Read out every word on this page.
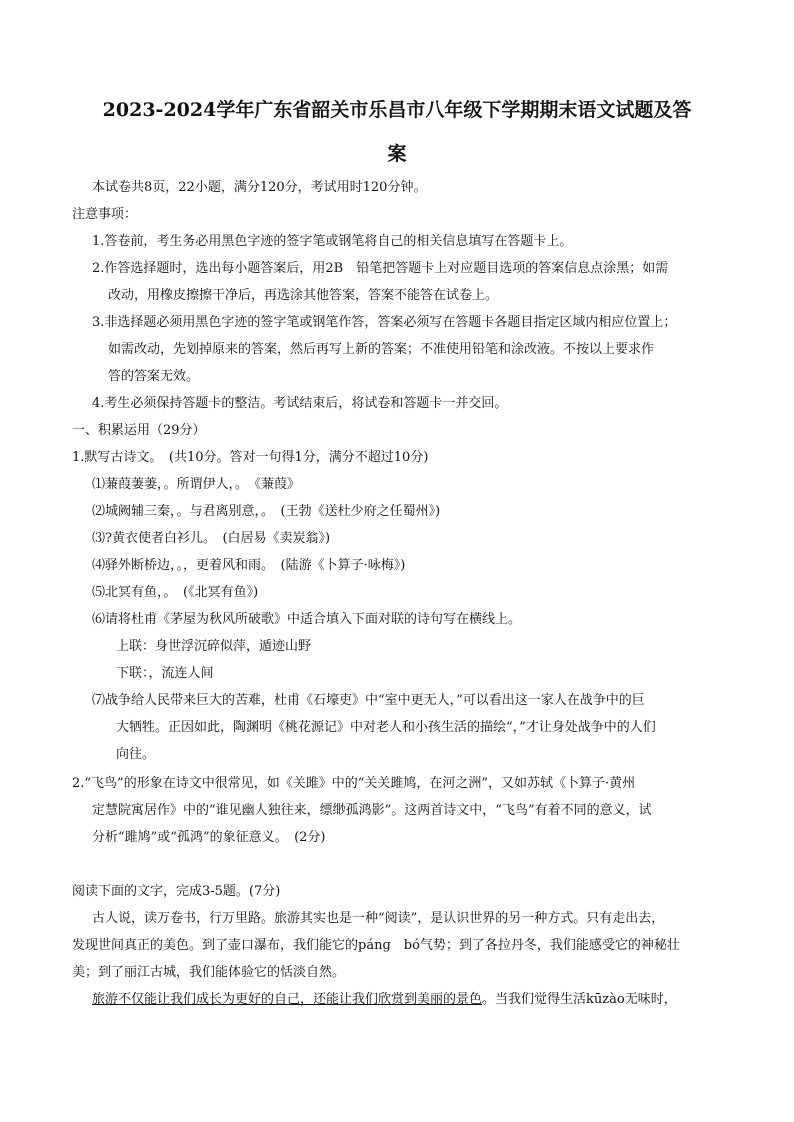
2023-2024学年广东省韶关市乐昌市八年级下学期期末语文试题及答
案
本试卷共8页，22小题，满分120分，考试用时120分钟。
注意事项：
1.答卷前，考生务必用黑色字迹的签字笔或钢笔将自己的相关信息填写在答题卡上。
2.作答选择题时，选出每小题答案后，用2B　铅笔把答题卡上对应题目选项的答案信息点涂黑；如需
改动，用橡皮擦擦干净后，再选涂其他答案，答案不能答在试卷上。
3.非选择题必须用黑色字迹的签字笔或钢笔作答，答案必须写在答题卡各题目指定区域内相应位置上；
如需改动，先划掉原来的答案，然后再写上新的答案；不准使用铅笔和涂改液。不按以上要求作
答的答案无效。
4.考生必须保持答题卡的整洁。考试结束后，将试卷和答题卡一并交回。
一、积累运用（29分）
1.默写古诗文。　(共10分。答对一句得1分，满分不超过10分)
⑴蒹葭萋萋，。所谓伊人，。　《蒹葭》
⑵城阙辅三秦，。与君离别意，。　(王勃《送杜少府之任蜀州》)
⑶?黄衣使者白衫儿。　(白居易《卖炭翁》)
⑷驿外断桥边，。，更着风和雨。　(陆游《卜算子·咏梅》)
⑸北冥有鱼，。　(《北冥有鱼》)
⑹请将杜甫《茅屋为秋风所破歌》中适合填入下面对联的诗句写在横线上。
上联：身世浮沉碎似萍，遁迹山野
下联：，流连人间
⑺战争给人民带来巨大的苦难，杜甫《石壕吏》中“室中更无人，”可以看出这一家人在战争中的巨
大牺牲。正因如此，陶渊明《桃花源记》中对老人和小孩生活的描绘“，”才让身处战争中的人们
向往。
2.“飞鸟”的形象在诗文中很常见，如《关雎》中的“关关雎鸠，在河之洲”，又如苏轼《卜算子·黄州
定慧院寓居作》中的“谁见幽人独往来，缥缈孤鸿影”。这两首诗文中，“飞鸟”有着不同的意义，试
分析“雎鸠”或“孤鸿”的象征意义。　(2分)
阅读下面的文字，完成3-5题。(7分)
古人说，读万卷书，行万里路。旅游其实也是一种“阅读”，是认识世界的另一种方式。只有走出去，
发现世间真正的美色。到了壶口瀑布，我们能它的pánɡ　bó气势；到了各拉丹冬，我们能感受它的神秘壮
美；到了丽江古城，我们能体验它的恬淡自然。
旅游不仅能让我们成长为更好的自己，还能让我们欣赏到美丽的景色。当我们觉得生活kūzào无味时，
